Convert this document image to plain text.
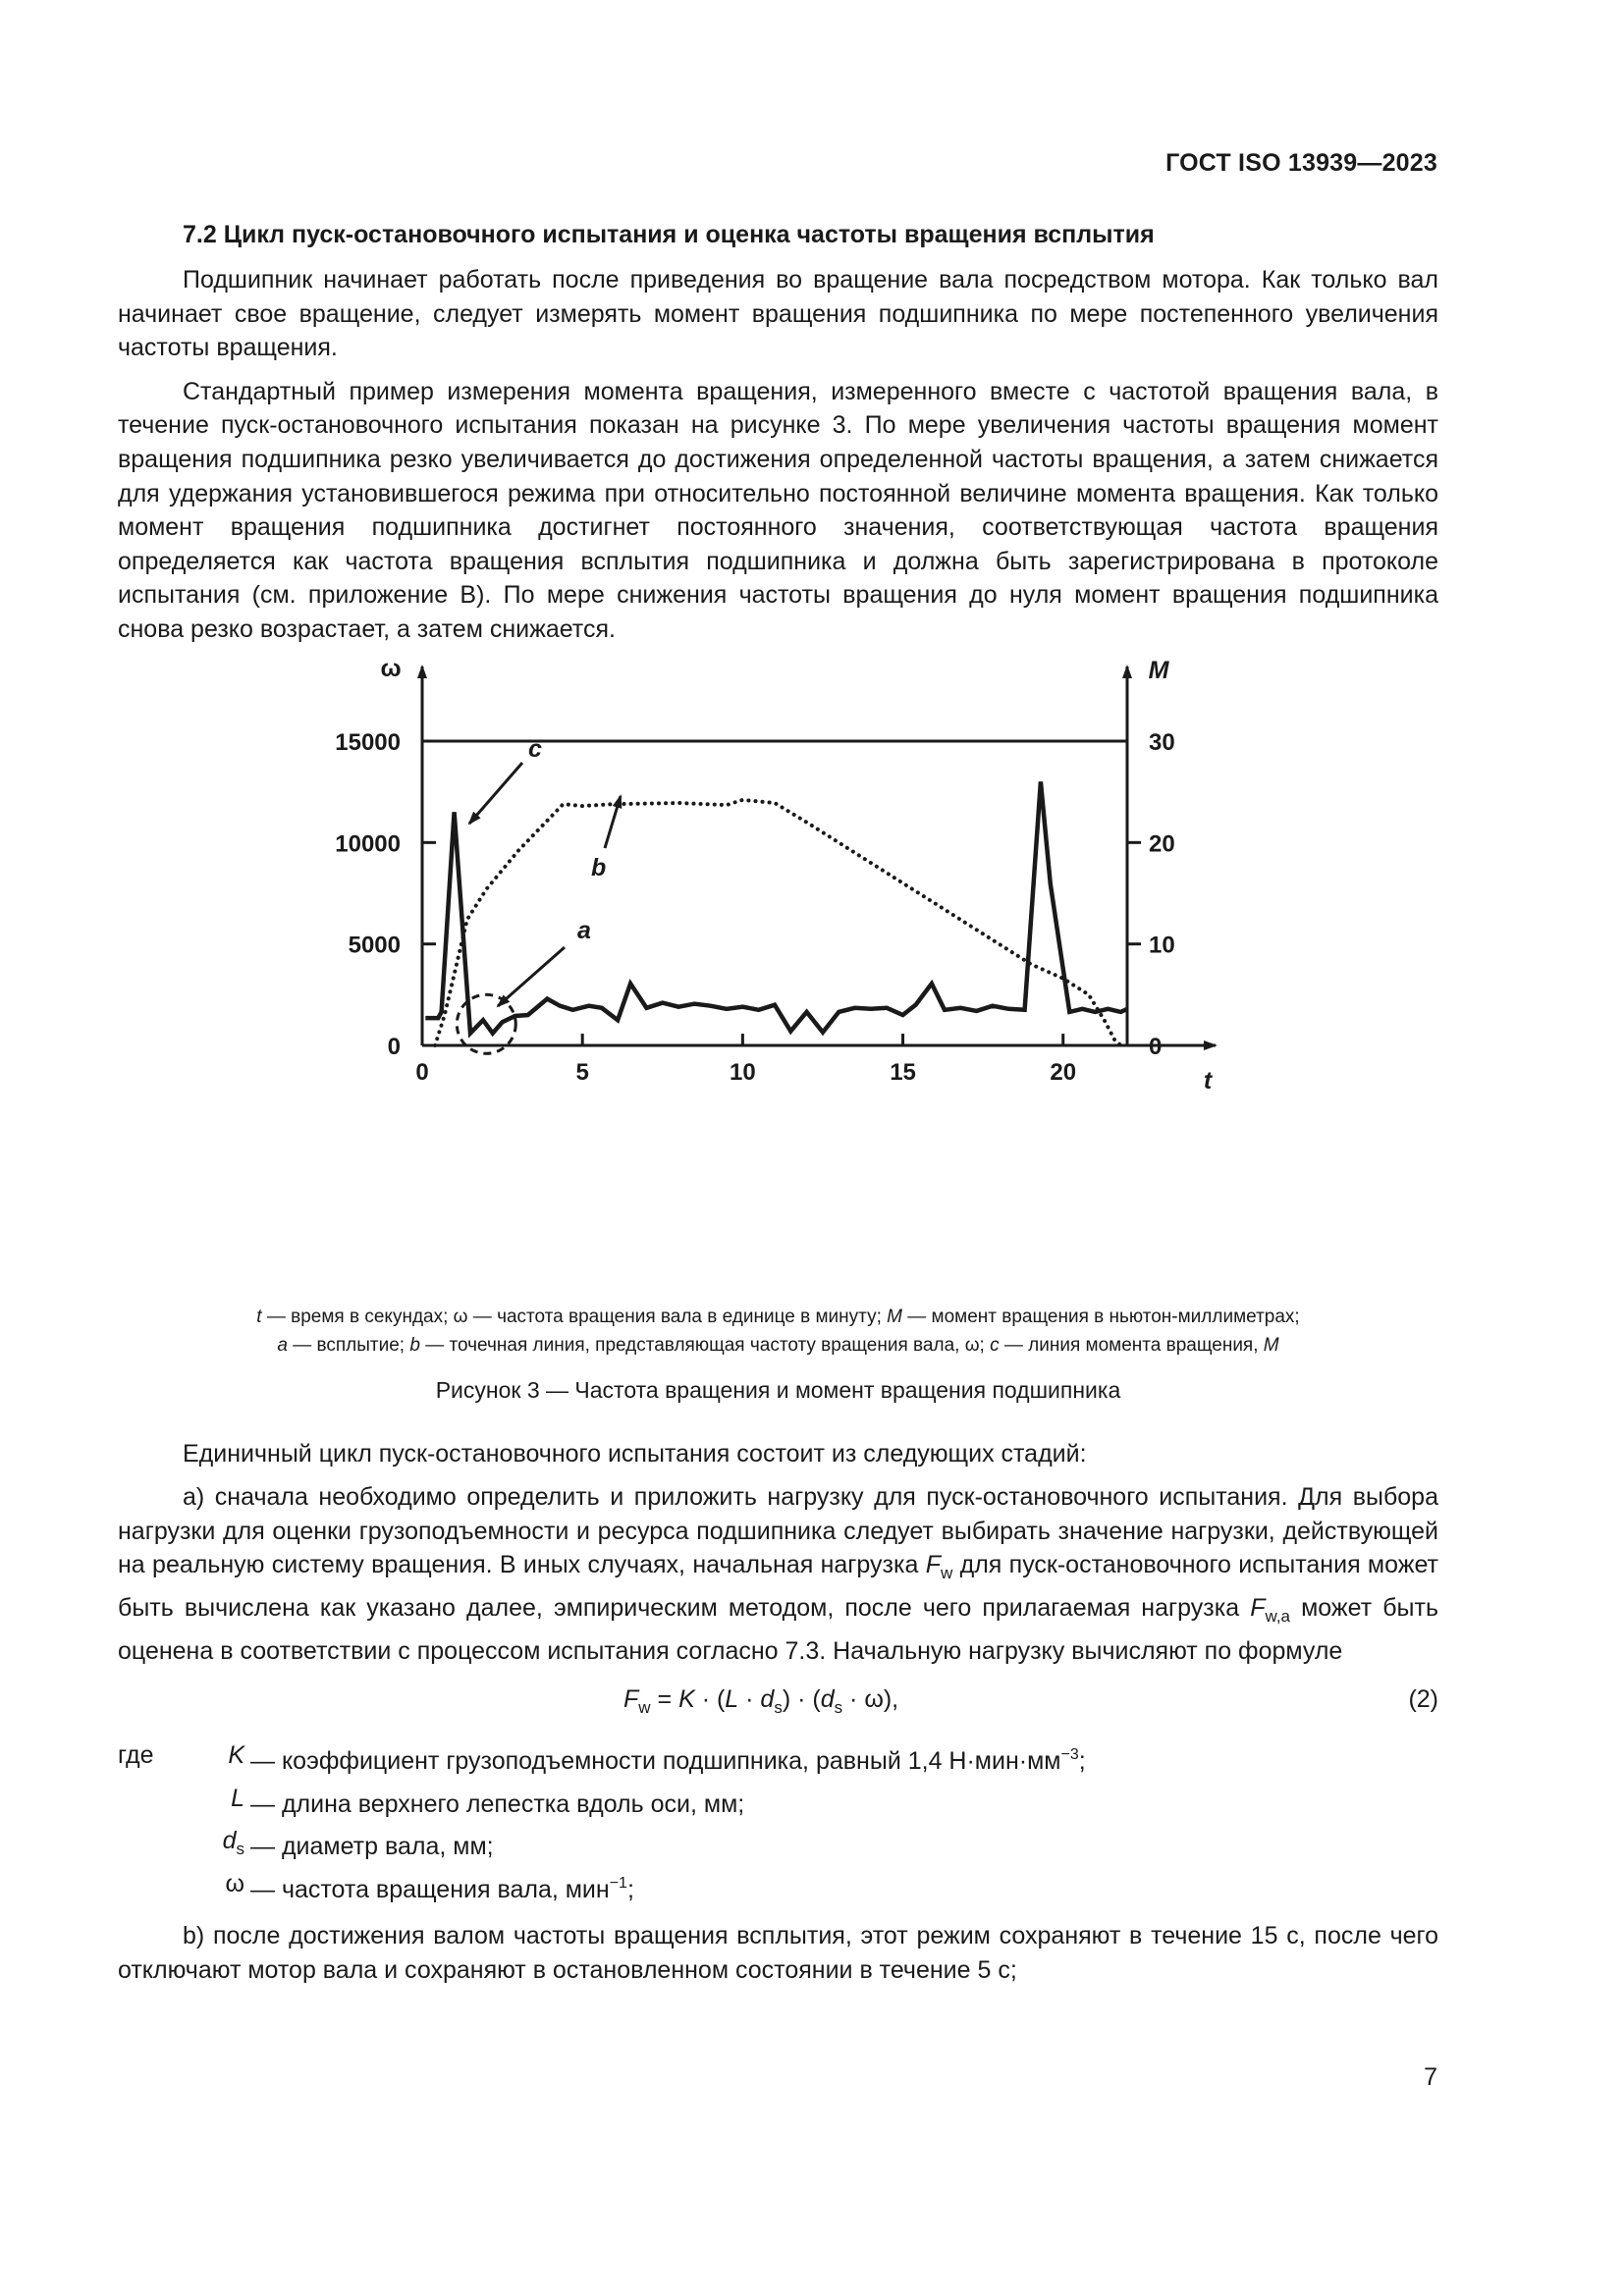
ГОСТ ISO 13939—2023
7.2 Цикл пуск-остановочного испытания и оценка частоты вращения всплытия

Подшипник начинает работать после приведения во вращение вала посредством мотора. Как только вал начинает свое вращение, следует измерять момент вращения подшипника по мере постепенного увеличения частоты вращения.

Стандартный пример измерения момента вращения, измеренного вместе с частотой вращения вала, в течение пуск-остановочного испытания показан на рисунке 3. По мере увеличения частоты вращения момент вращения подшипника резко увеличивается до достижения определенной частоты вращения, а затем снижается для удержания установившегося режима при относительно постоянной величине момента вращения. Как только момент вращения подшипника достигнет постоянного значения, соответствующая частота вращения определяется как частота вращения всплытия подшипника и должна быть зарегистрирована в протоколе испытания (см. приложение В). По мере снижения частоты вращения до нуля момент вращения подшипника снова резко возрастает, а затем снижается.

ω	M
t
0	5	10	15	20
0
5000
10000
15000
0
10
20
30
a
b
c
t — время в секундах; ω — частота вращения вала в единице в минуту; M — момент вращения в ньютон-миллиметрах;
a — всплытие; b — точечная линия, представляющая частоту вращения вала, ω; c — линия момента вращения, M
Рисунок 3 — Частота вращения и момент вращения подшипника

Единичный цикл пуск-остановочного испытания состоит из следующих стадий:

а) сначала необходимо определить и приложить нагрузку для пуск-остановочного испытания. Для выбора нагрузки для оценки грузоподъемности и ресурса подшипника следует выбирать значение нагрузки, действующей на реальную систему вращения. В иных случаях, начальная нагрузка $F_w$ для пуск-остановочного испытания может быть вычислена как указано далее, эмпирическим методом, после чего прилагаемая нагрузка $F_{w,a}$ может быть оценена в соответствии с процессом испытания согласно 7.3. Начальную нагрузку вычисляют по формуле

$F_w = K \cdot (L \cdot d_s) \cdot (d_s \cdot \omega)$,	(2)
где	K — коэффициент грузоподъемности подшипника, равный 1,4 $Н\cdot мин\cdot мм^{-3}$;
L — длина верхнего лепестка вдоль оси, мм;
$d_s$ — диаметр вала, мм;
ω — частота вращения вала, мин$^{-1}$;

b) после достижения валом частоты вращения всплытия, этот режим сохраняют в течение 15 с, после чего отключают мотор вала и сохраняют в остановленном состоянии в течение 5 с;

7
